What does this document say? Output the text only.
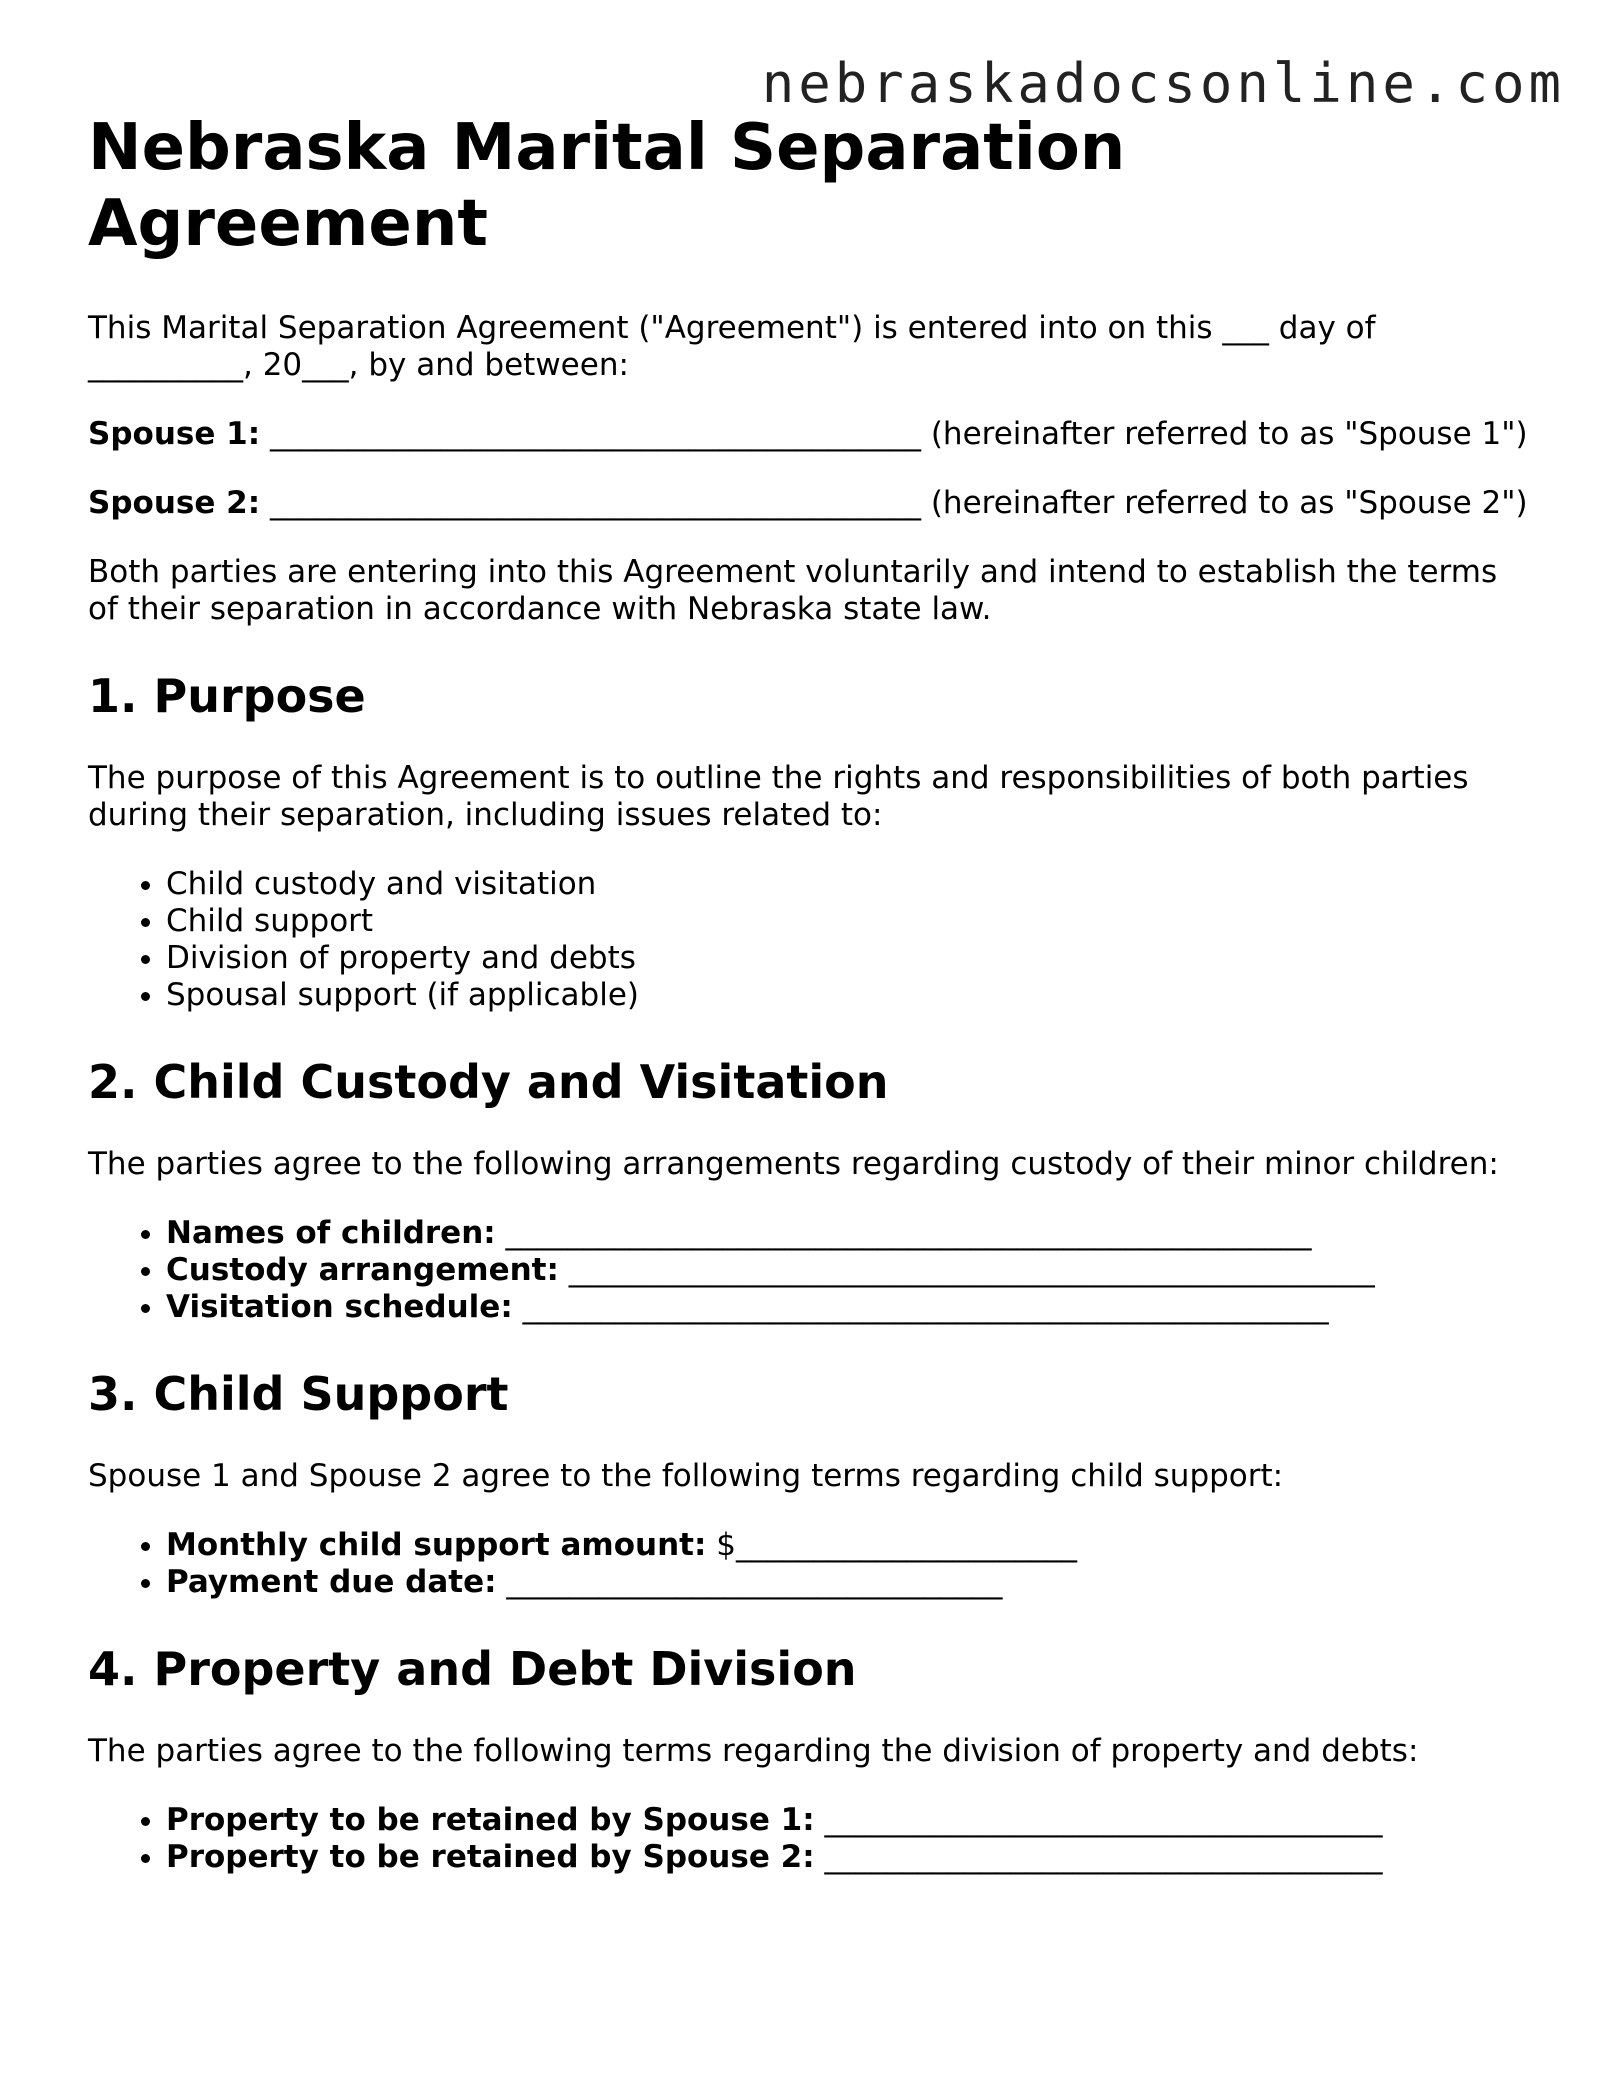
nebraskadocsonline.com
Nebraska Marital Separation Agreement

This Marital Separation Agreement ("Agreement") is entered into on this ___ day of __________, 20___, by and between:

Spouse 1: __________________________________________ (hereinafter referred to as "Spouse 1")

Spouse 2: __________________________________________ (hereinafter referred to as "Spouse 2")

Both parties are entering into this Agreement voluntarily and intend to establish the terms of their separation in accordance with Nebraska state law.

1. Purpose

The purpose of this Agreement is to outline the rights and responsibilities of both parties during their separation, including issues related to:

• Child custody and visitation
• Child support
• Division of property and debts
• Spousal support (if applicable)
2. Child Custody and Visitation

The parties agree to the following arrangements regarding custody of their minor children:

• Names of children: ____________________________________________________
• Custody arrangement: ____________________________________________________
• Visitation schedule: ____________________________________________________
3. Child Support

Spouse 1 and Spouse 2 agree to the following terms regarding child support:

• Monthly child support amount: $______________________
• Payment due date: ________________________________
4. Property and Debt Division

The parties agree to the following terms regarding the division of property and debts:

• Property to be retained by Spouse 1: ____________________________________
• Property to be retained by Spouse 2: ____________________________________
